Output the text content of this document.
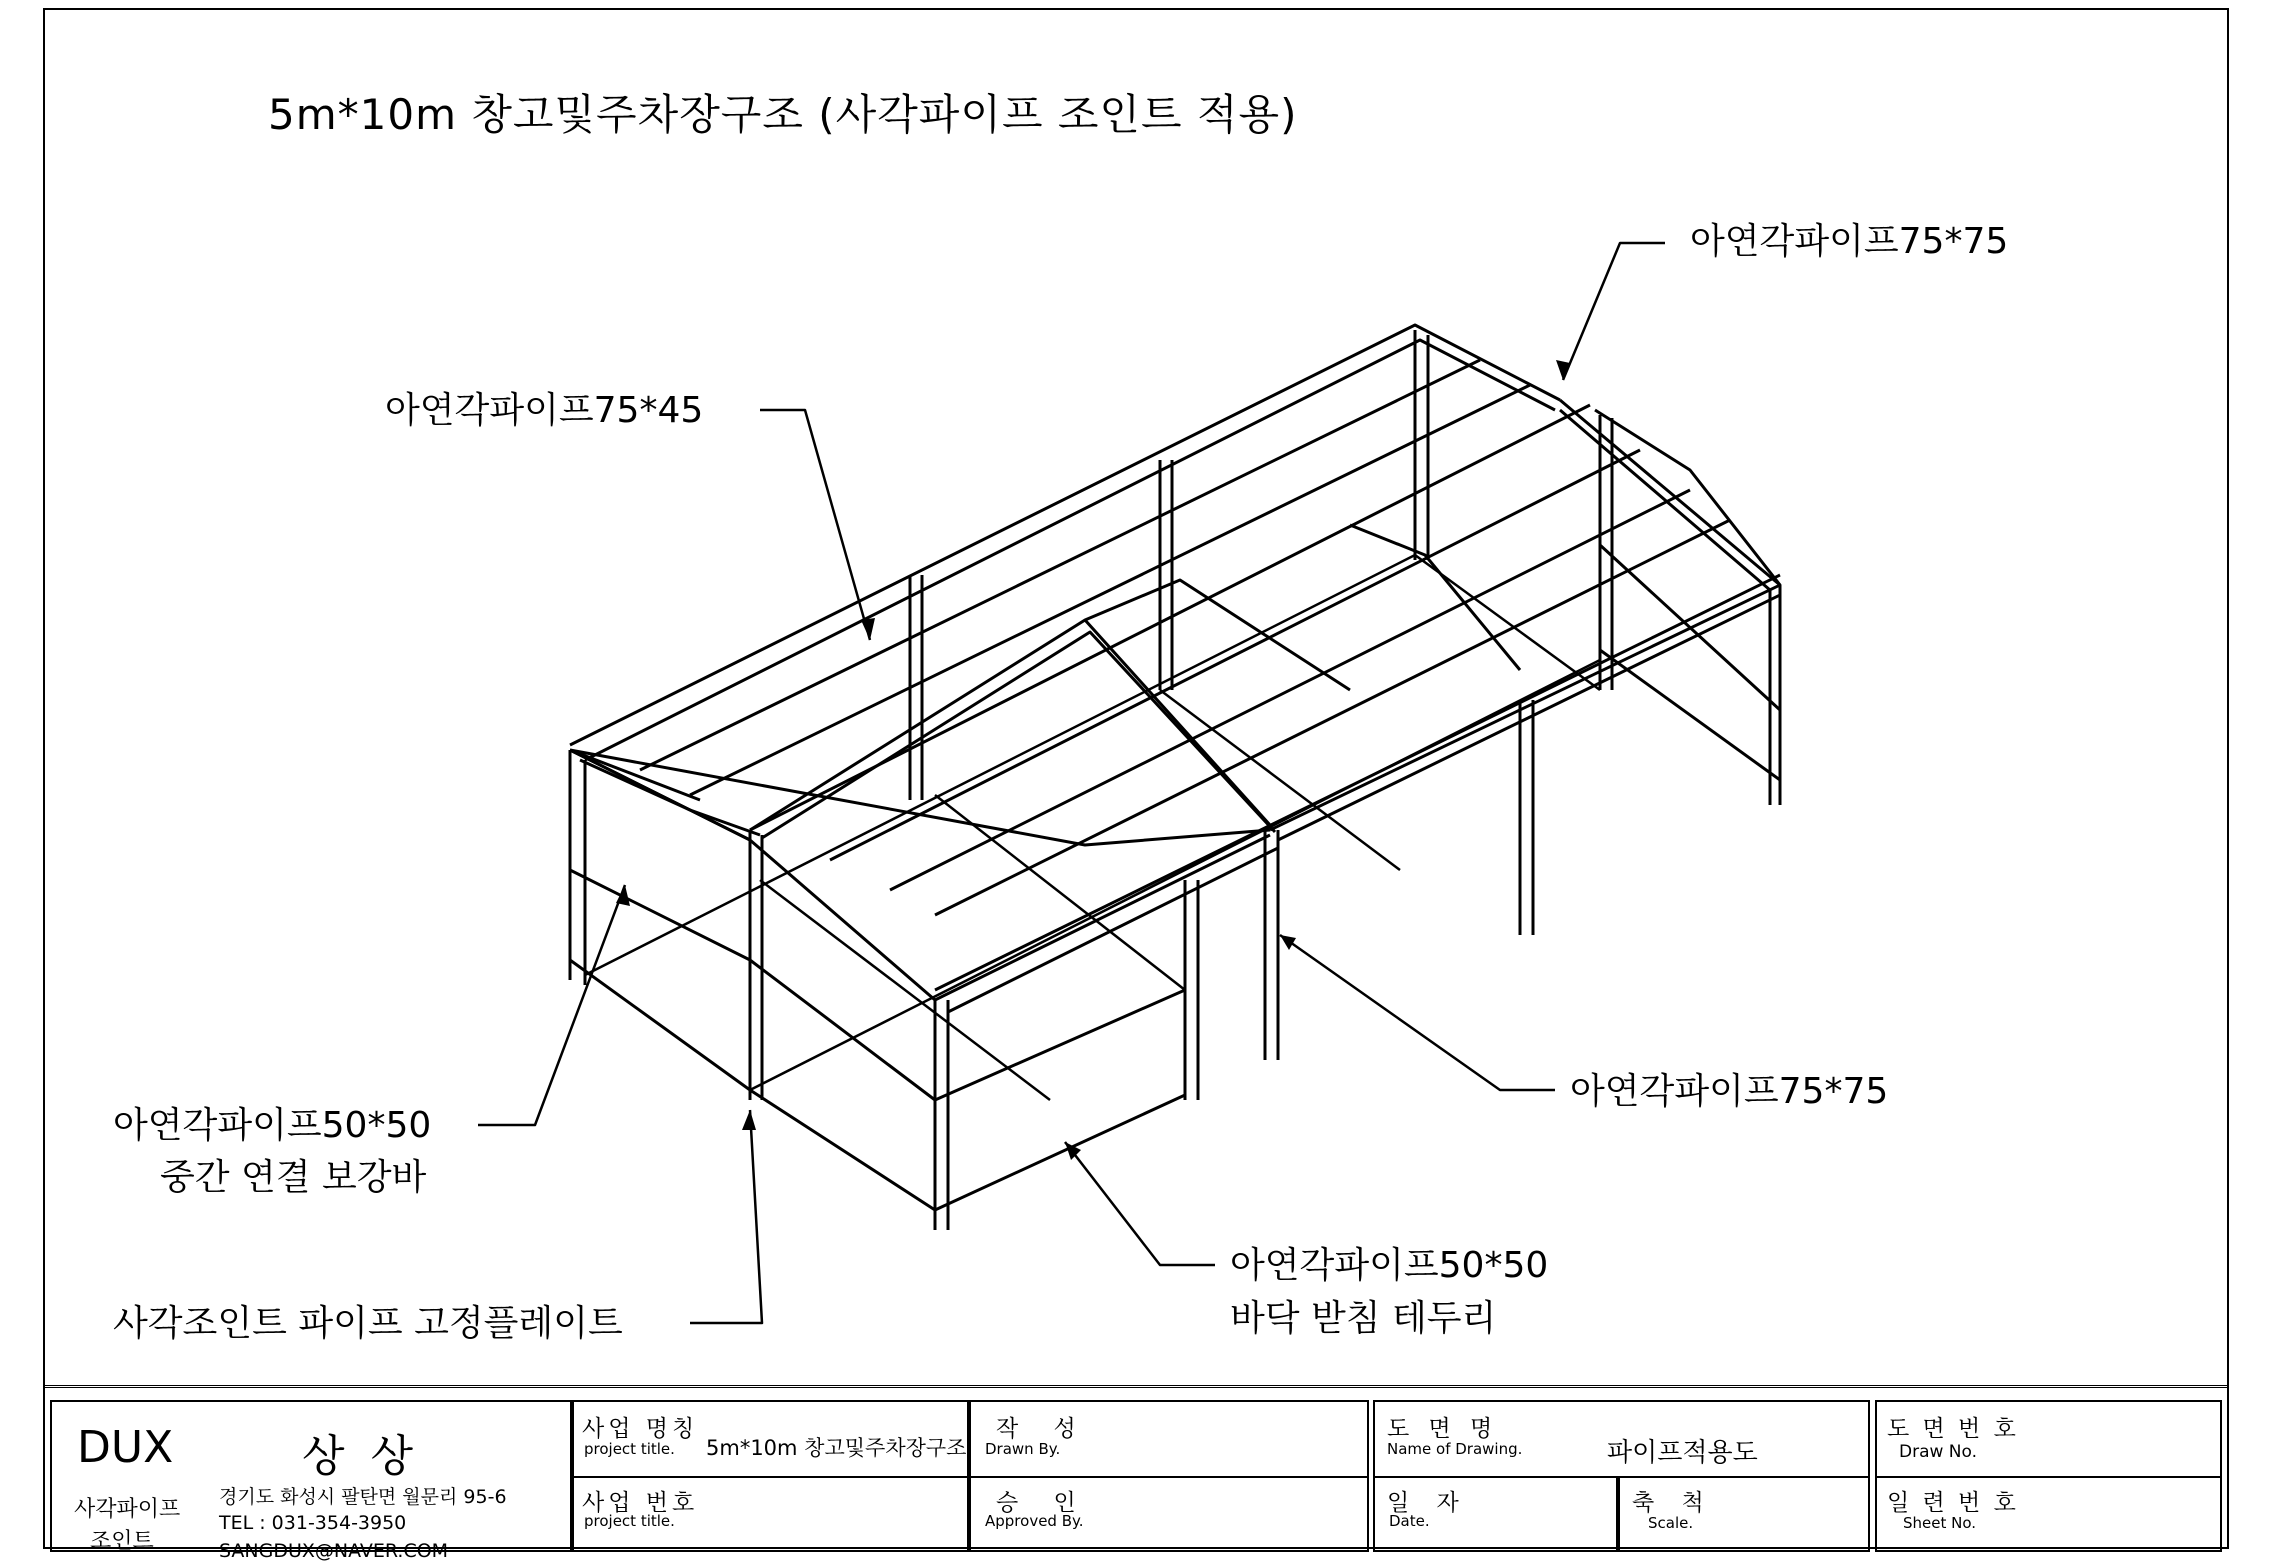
5m*10m 창고및주차장구조 (사각파이프 조인트 적용)
아연각파이프75*75
아연각파이프75*45
아연각파이프75*75
아연각파이프50*50
중간 연결 보강바
아연각파이프50*50
바닥 받침 테두리
사각조인트 파이프 고정플레이트
DUX	상 상
사각파이프
조인트
경기도 화성시 팔탄면 월문리 95-6
TEL : 031-354-3950
SANGDUX@NAVER.COM
사업 명칭
project title. 5m*10m 창고및주차장구조
사업 번호
project title.
작 성
Drawn By.
승 인
Approved By.
도 면 명
Name of Drawing.	파이프적용도
일 자
Date.
축 척
Scale.
도 면 번 호
Draw No.
일 련 번 호
Sheet No.
